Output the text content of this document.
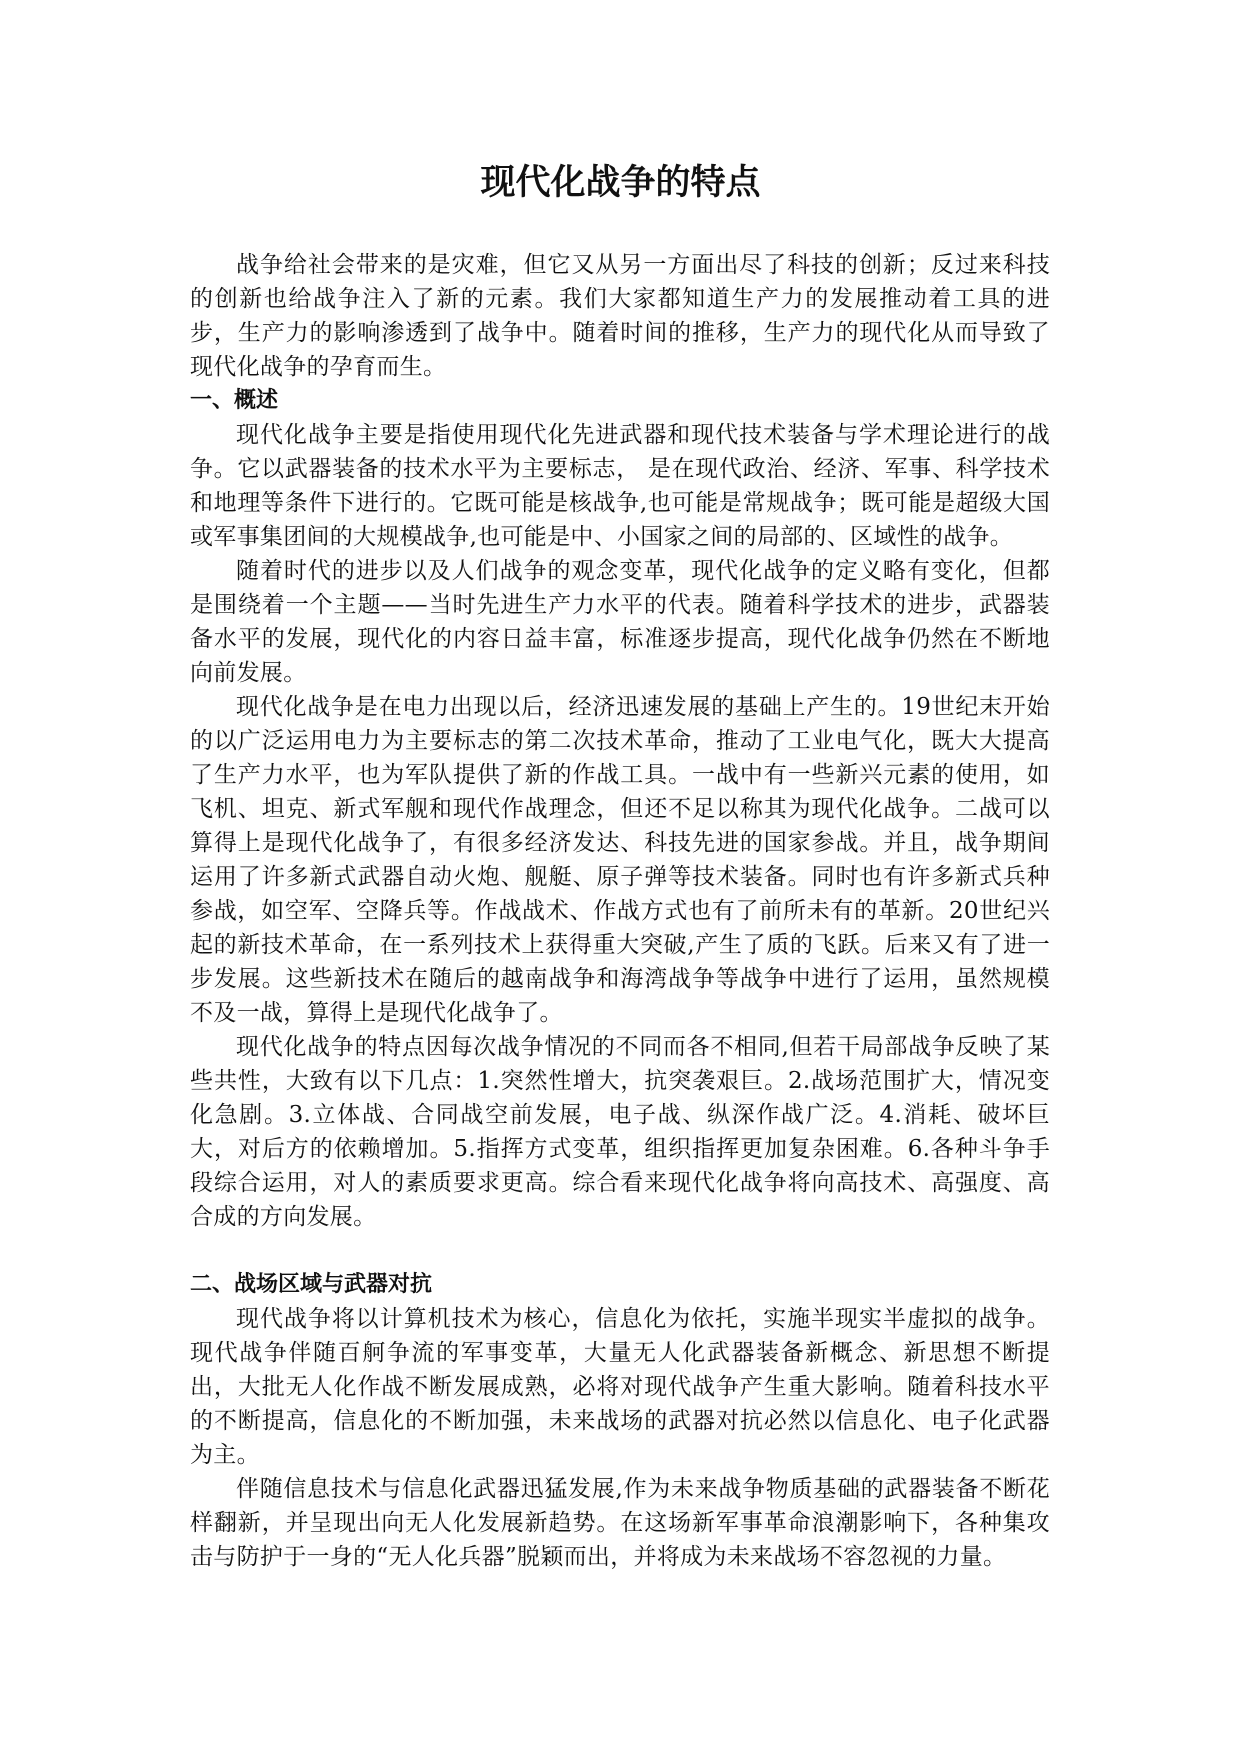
现代化战争的特点

战争给社会带来的是灾难，但它又从另一方面出尽了科技的创新；反过来科技的创新也给战争注入了新的元素。我们大家都知道生产力的发展推动着工具的进步，生产力的影响渗透到了战争中。随着时间的推移，生产力的现代化从而导致了现代化战争的孕育而生。

一、概述

现代化战争主要是指使用现代化先进武器和现代技术装备与学术理论进行的战争。它以武器装备的技术水平为主要标志， 是在现代政治、经济、军事、科学技术和地理等条件下进行的。它既可能是核战争,也可能是常规战争；既可能是超级大国或军事集团间的大规模战争,也可能是中、小国家之间的局部的、区域性的战争。

随着时代的进步以及人们战争的观念变革，现代化战争的定义略有变化，但都是围绕着一个主题——当时先进生产力水平的代表。随着科学技术的进步，武器装备水平的发展，现代化的内容日益丰富，标准逐步提高，现代化战争仍然在不断地向前发展。

现代化战争是在电力出现以后，经济迅速发展的基础上产生的。19世纪末开始的以广泛运用电力为主要标志的第二次技术革命，推动了工业电气化，既大大提高了生产力水平，也为军队提供了新的作战工具。一战中有一些新兴元素的使用，如飞机、坦克、新式军舰和现代作战理念，但还不足以称其为现代化战争。二战可以算得上是现代化战争了，有很多经济发达、科技先进的国家参战。并且，战争期间运用了许多新式武器自动火炮、舰艇、原子弹等技术装备。同时也有许多新式兵种参战，如空军、空降兵等。作战战术、作战方式也有了前所未有的革新。20世纪兴起的新技术革命，在一系列技术上获得重大突破,产生了质的飞跃。后来又有了进一步发展。这些新技术在随后的越南战争和海湾战争等战争中进行了运用，虽然规模不及一战，算得上是现代化战争了。

现代化战争的特点因每次战争情况的不同而各不相同,但若干局部战争反映了某些共性，大致有以下几点：1.突然性增大，抗突袭艰巨。2.战场范围扩大，情况变化急剧。3.立体战、合同战空前发展，电子战、纵深作战广泛。4.消耗、破坏巨大，对后方的依赖增加。5.指挥方式变革，组织指挥更加复杂困难。6.各种斗争手段综合运用，对人的素质要求更高。综合看来现代化战争将向高技术、高强度、高合成的方向发展。

二、战场区域与武器对抗

现代战争将以计算机技术为核心，信息化为依托，实施半现实半虚拟的战争。现代战争伴随百舸争流的军事变革，大量无人化武器装备新概念、新思想不断提出，大批无人化作战不断发展成熟，必将对现代战争产生重大影响。随着科技水平的不断提高，信息化的不断加强，未来战场的武器对抗必然以信息化、电子化武器为主。

伴随信息技术与信息化武器迅猛发展,作为未来战争物质基础的武器装备不断花样翻新，并呈现出向无人化发展新趋势。在这场新军事革命浪潮影响下，各种集攻击与防护于一身的“无人化兵器”脱颖而出，并将成为未来战场不容忽视的力量。
